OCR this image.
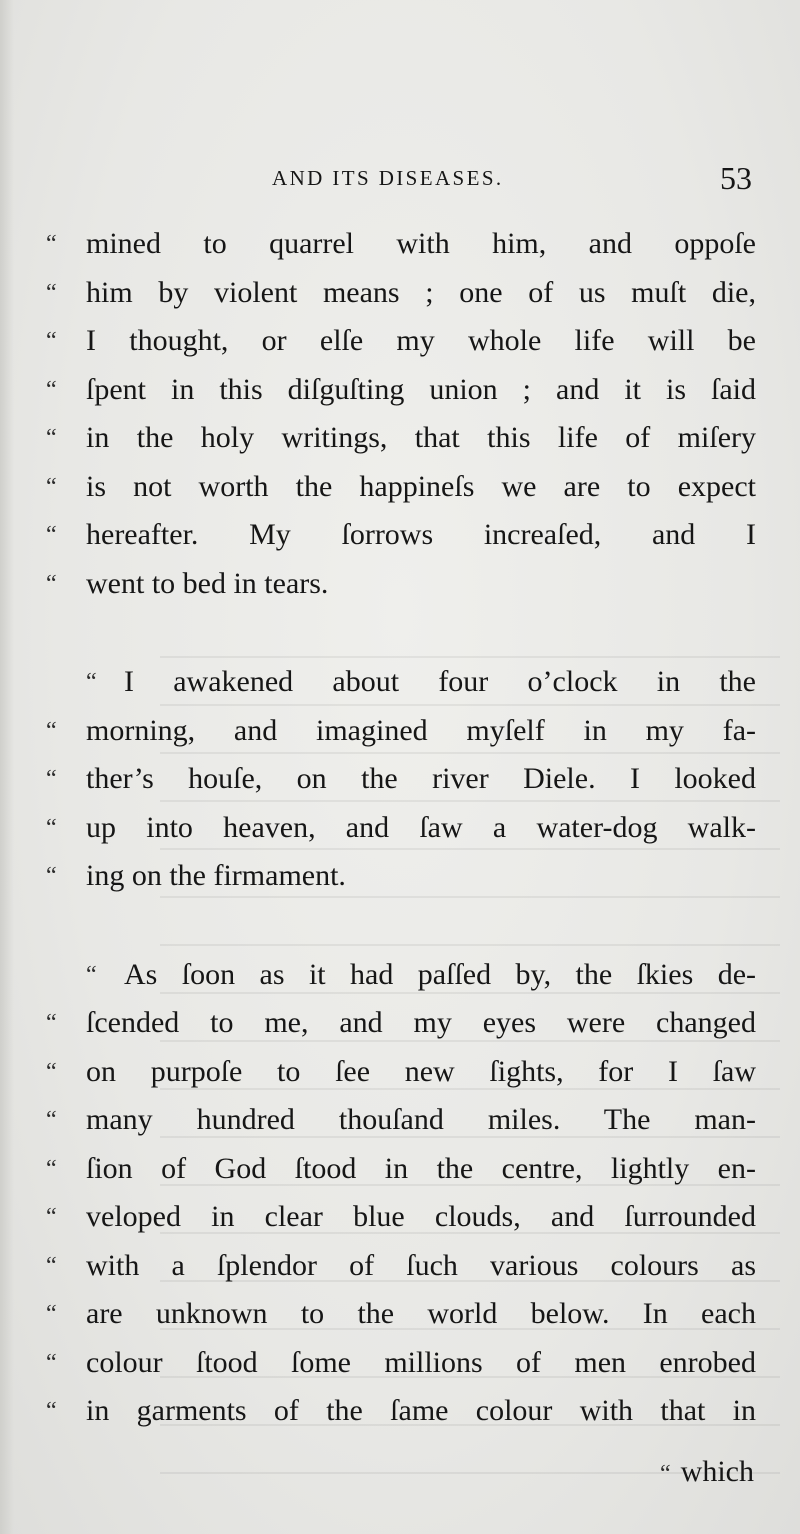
AND ITS DISEASES.	53
“ mined to quarrel with him, and oppoſe
“ him by violent means ; one of us muſt die,
“ I thought, or elſe my whole life will be
“ ſpent in this diſguſting union ; and it is ſaid
“ in the holy writings, that this life of miſery
“ is not worth the happineſs we are to expect
“ hereafter. My ſorrows increaſed, and I
“ went to bed in tears.
“ I awakened about four o’clock in the
“ morning, and imagined myſelf in my fa-
“ ther’s houſe, on the river Diele. I looked
“ up into heaven, and ſaw a water-dog walk-
“ ing on the firmament.
“ As ſoon as it had paſſed by, the ſkies de-
“ ſcended to me, and my eyes were changed
“ on purpoſe to ſee new ſights, for I ſaw
“ many hundred thouſand miles. The man-
“ ſion of God ſtood in the centre, lightly en-
“ veloped in clear blue clouds, and ſurrounded
“ with a ſplendor of ſuch various colours as
“ are unknown to the world below. In each
“ colour ſtood ſome millions of men enrobed
“ in garments of the ſame colour with that in
“ which
